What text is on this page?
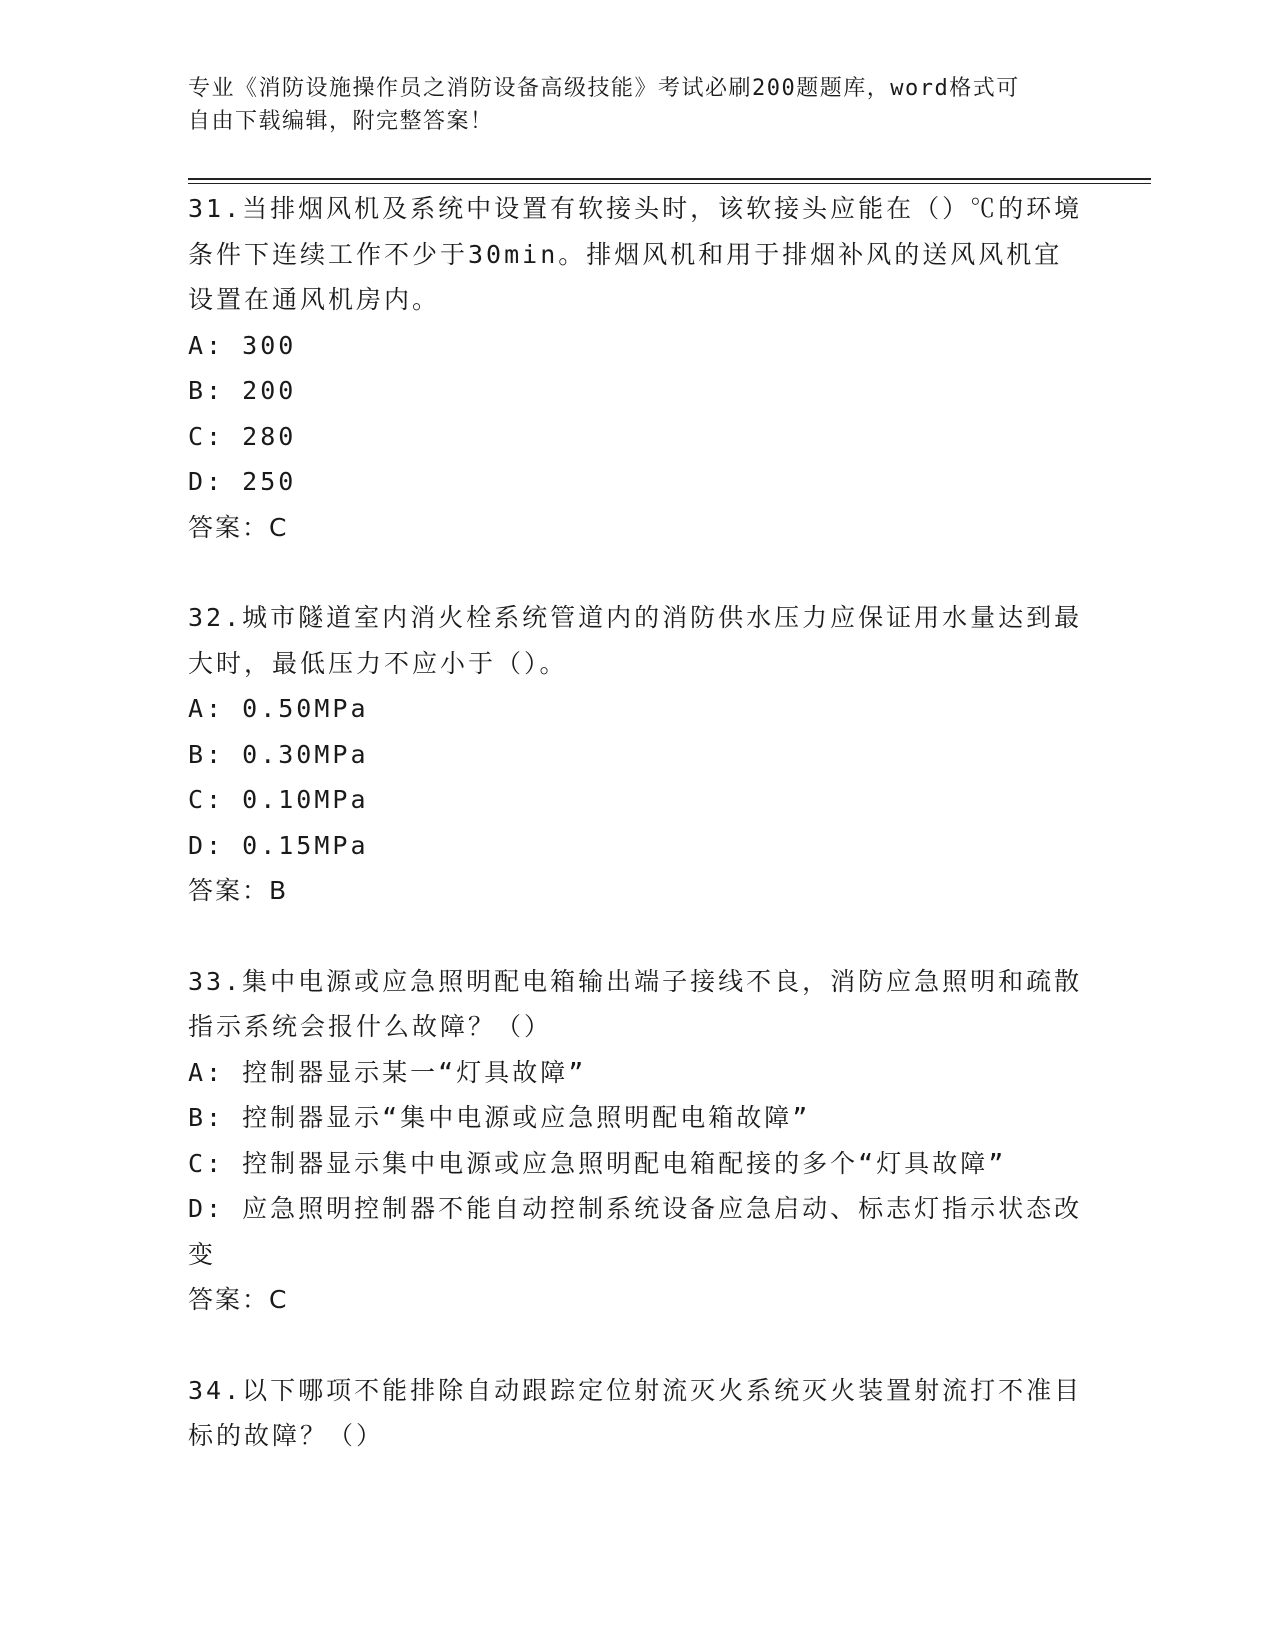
专业《消防设施操作员之消防设备高级技能》考试必刷200题题库，word格式可
自由下载编辑，附完整答案！

31.当排烟风机及系统中设置有软接头时，该软接头应能在（）℃的环境条件下连续工作不少于30min。排烟风机和用于排烟补风的送风风机宜设置在通风机房内。

A: 300

B: 200

C: 280

D: 250

答案：C

32.城市隧道室内消火栓系统管道内的消防供水压力应保证用水量达到最大时，最低压力不应小于（）。

A: 0.50MPa

B: 0.30MPa

C: 0.10MPa

D: 0.15MPa

答案：B

33.集中电源或应急照明配电箱输出端子接线不良，消防应急照明和疏散指示系统会报什么故障？（）

A: 控制器显示某一“灯具故障”

B: 控制器显示“集中电源或应急照明配电箱故障”

C: 控制器显示集中电源或应急照明配电箱配接的多个“灯具故障”

D: 应急照明控制器不能自动控制系统设备应急启动、标志灯指示状态改变

答案：C

34.以下哪项不能排除自动跟踪定位射流灭火系统灭火装置射流打不准目标的故障？（）
